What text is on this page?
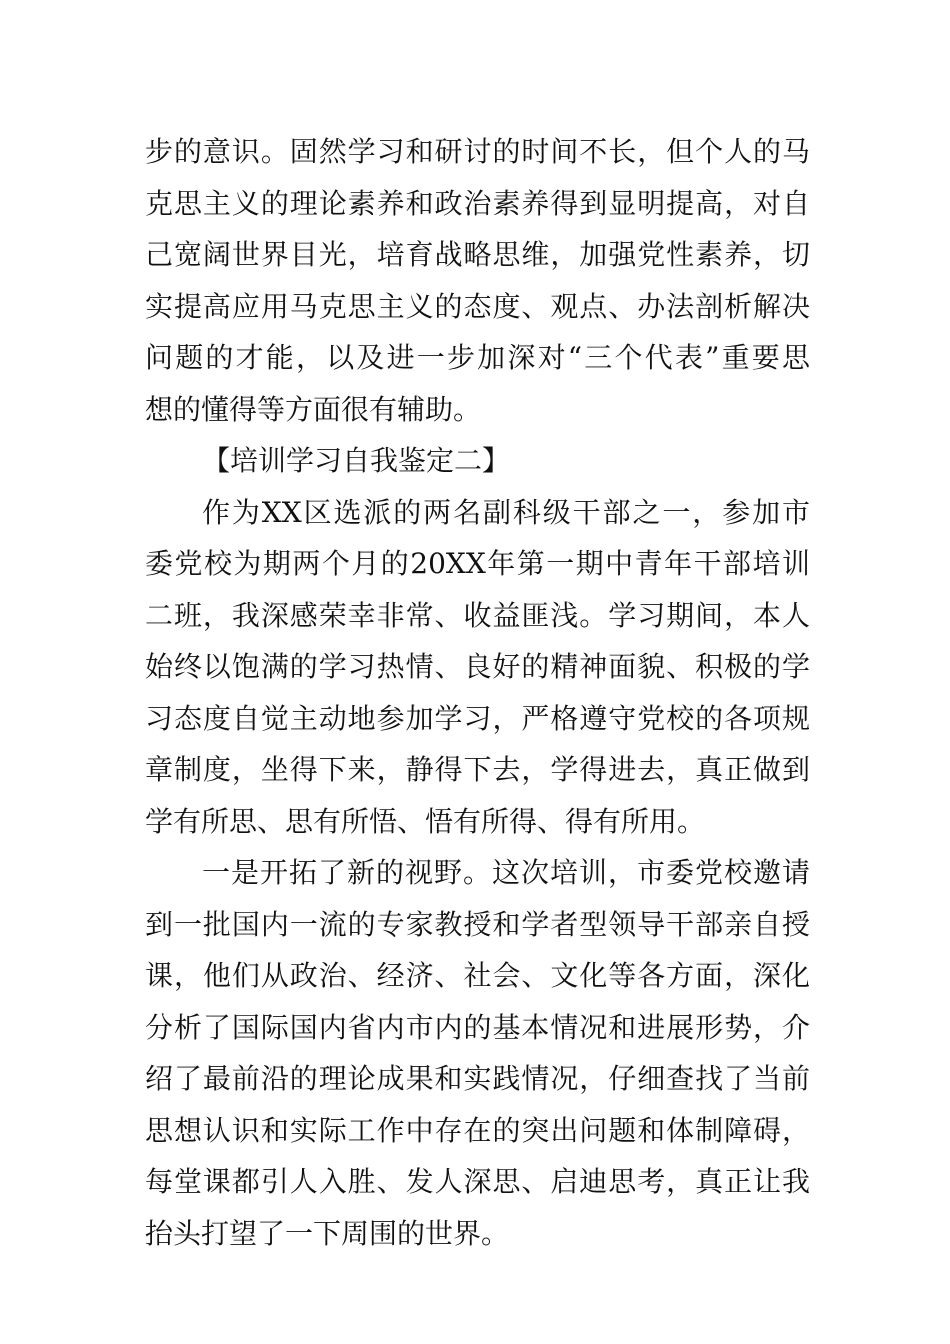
步的意识。固然学习和研讨的时间不长，但个人的马
克思主义的理论素养和政治素养得到显明提高，对自
己宽阔世界目光，培育战略思维，加强党性素养，切
实提高应用马克思主义的态度、观点、办法剖析解决
问题的才能，以及进一步加深对“三个代表”重要思
想的懂得等方面很有辅助。
【培训学习自我鉴定二】
作为XX区选派的两名副科级干部之一，参加市
委党校为期两个月的20XX年第一期中青年干部培训
二班，我深感荣幸非常、收益匪浅。学习期间，本人
始终以饱满的学习热情、良好的精神面貌、积极的学
习态度自觉主动地参加学习，严格遵守党校的各项规
章制度，坐得下来，静得下去，学得进去，真正做到
学有所思、思有所悟、悟有所得、得有所用。
一是开拓了新的视野。这次培训，市委党校邀请
到一批国内一流的专家教授和学者型领导干部亲自授
课，他们从政治、经济、社会、文化等各方面，深化
分析了国际国内省内市内的基本情况和进展形势，介
绍了最前沿的理论成果和实践情况，仔细查找了当前
思想认识和实际工作中存在的突出问题和体制障碍，
每堂课都引人入胜、发人深思、启迪思考，真正让我
抬头打望了一下周围的世界。
